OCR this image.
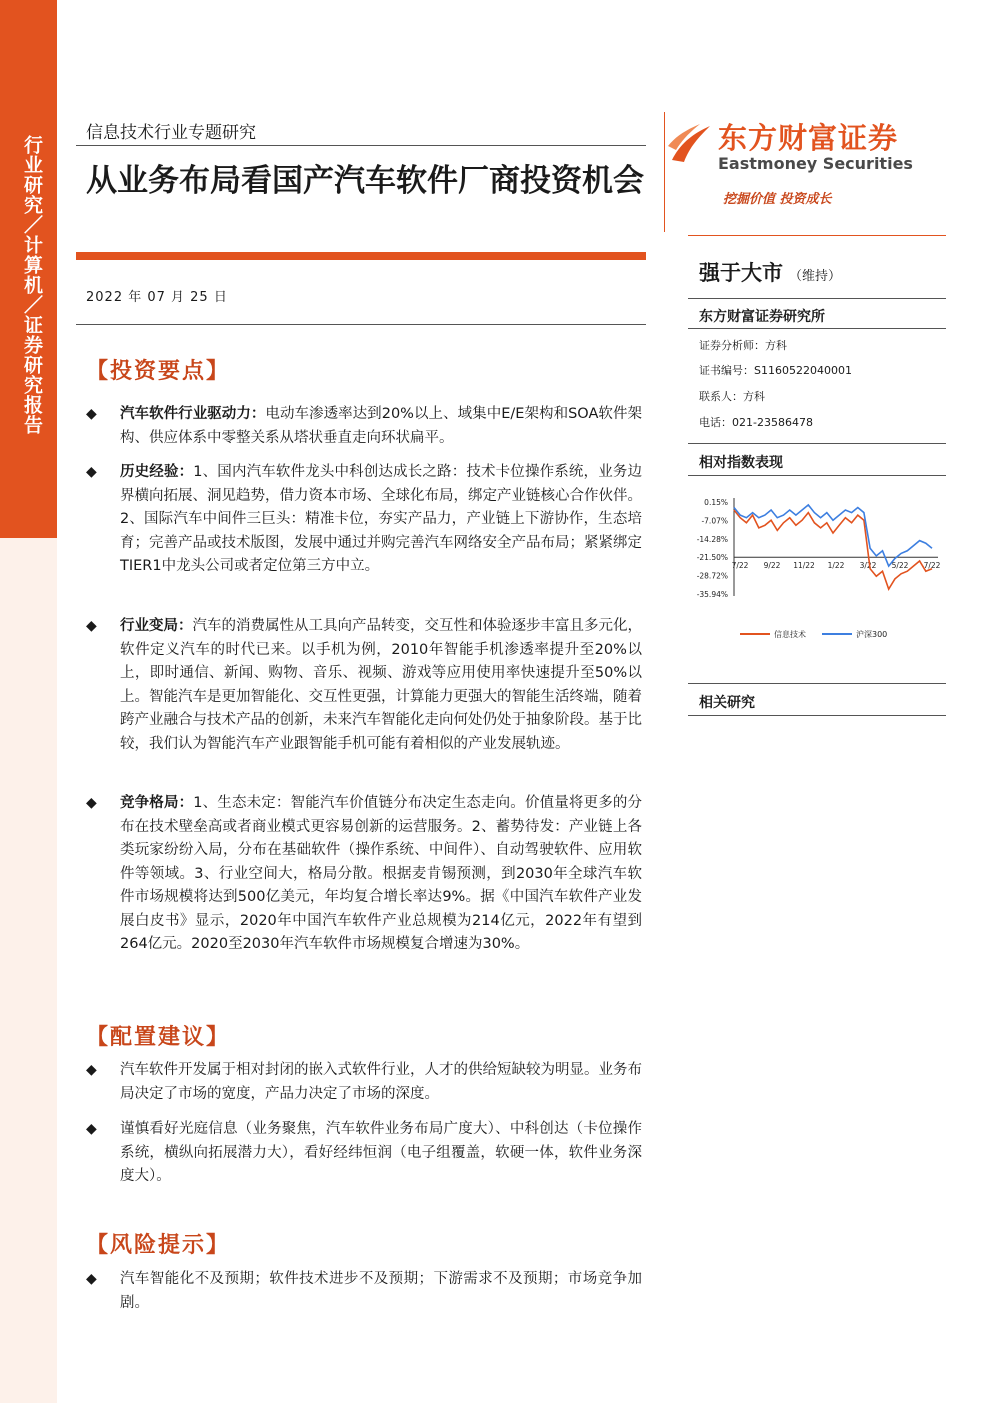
行业研究／计算机／证券研究报告
信息技术行业专题研究
从业务布局看国产汽车软件厂商投资机会
2022 年 07 月 25 日
【投资要点】
◆ 汽车软件行业驱动力：电动车渗透率达到20%以上、域集中E/E架构和SOA软件架构、供应体系中零整关系从塔状垂直走向环状扁平。
◆ 历史经验：1、国内汽车软件龙头中科创达成长之路：技术卡位操作系统，业务边界横向拓展、洞见趋势，借力资本市场、全球化布局，绑定产业链核心合作伙伴。2、国际汽车中间件三巨头：精准卡位，夯实产品力，产业链上下游协作，生态培育；完善产品或技术版图，发展中通过并购完善汽车网络安全产品布局；紧紧绑定TIER1中龙头公司或者定位第三方中立。
◆ 行业变局：汽车的消费属性从工具向产品转变，交互性和体验逐步丰富且多元化，软件定义汽车的时代已来。以手机为例，2010年智能手机渗透率提升至20%以上，即时通信、新闻、购物、音乐、视频、游戏等应用使用率快速提升至50%以上。智能汽车是更加智能化、交互性更强，计算能力更强大的智能生活终端，随着跨产业融合与技术产品的创新，未来汽车智能化走向何处仍处于抽象阶段。基于比较，我们认为智能汽车产业跟智能手机可能有着相似的产业发展轨迹。
◆ 竞争格局：1、生态未定：智能汽车价值链分布决定生态走向。价值量将更多的分布在技术壁垒高或者商业模式更容易创新的运营服务。2、蓄势待发：产业链上各类玩家纷纷入局，分布在基础软件（操作系统、中间件）、自动驾驶软件、应用软件等领域。3、行业空间大，格局分散。根据麦肯锡预测，到2030年全球汽车软件市场规模将达到500亿美元，年均复合增长率达9%。据《中国汽车软件产业发展白皮书》显示，2020年中国汽车软件产业总规模为214亿元，2022年有望到264亿元。2020至2030年汽车软件市场规模复合增速为30%。
【配置建议】
◆ 汽车软件开发属于相对封闭的嵌入式软件行业，人才的供给短缺较为明显。业务布局决定了市场的宽度，产品力决定了市场的深度。
◆ 谨慎看好光庭信息（业务聚焦，汽车软件业务布局广度大）、中科创达（卡位操作系统，横纵向拓展潜力大），看好经纬恒润（电子组覆盖，软硬一体，软件业务深度大）。
【风险提示】
◆ 汽车智能化不及预期；软件技术进步不及预期；下游需求不及预期；市场竞争加剧。
东方财富证券
Eastmoney Securities
挖掘价值 投资成长
强于大市 （维持）
东方财富证券研究所
证券分析师：方科
证书编号：S1160522040001
联系人：方科
电话：021-23586478
相对指数表现
0.15%
-7.07%
-14.28%
-21.50%
-28.72%
-35.94%
7/22 9/22 11/22 1/22 3/22 5/22 7/22
信息技术	沪深300
相关研究
